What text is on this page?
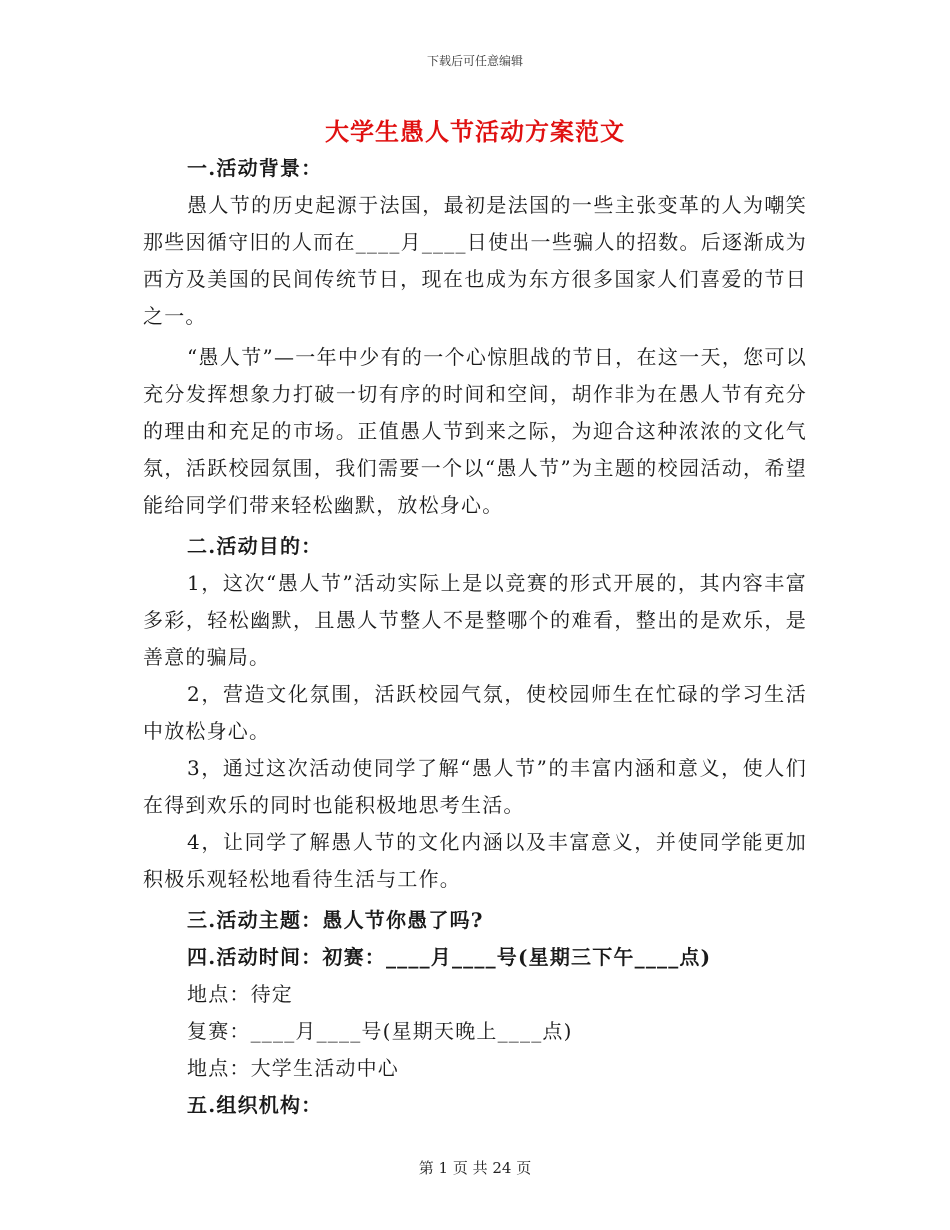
下载后可任意编辑
大学生愚人节活动方案范文

一.活动背景：

愚人节的历史起源于法国，最初是法国的一些主张变革的人为嘲笑那些因循守旧的人而在____月____日使出一些骗人的招数。后逐渐成为西方及美国的民间传统节日，现在也成为东方很多国家人们喜爱的节日之一。

“愚人节”—一年中少有的一个心惊胆战的节日，在这一天，您可以充分发挥想象力打破一切有序的时间和空间，胡作非为在愚人节有充分的理由和充足的市场。正值愚人节到来之际，为迎合这种浓浓的文化气氛，活跃校园氛围，我们需要一个以“愚人节”为主题的校园活动，希望能给同学们带来轻松幽默，放松身心。

二.活动目的：

1，这次“愚人节”活动实际上是以竞赛的形式开展的，其内容丰富多彩，轻松幽默，且愚人节整人不是整哪个的难看，整出的是欢乐，是善意的骗局。

2，营造文化氛围，活跃校园气氛，使校园师生在忙碌的学习生活中放松身心。

3，通过这次活动使同学了解“愚人节”的丰富内涵和意义，使人们在得到欢乐的同时也能积极地思考生活。

4，让同学了解愚人节的文化内涵以及丰富意义，并使同学能更加积极乐观轻松地看待生活与工作。

三.活动主题：愚人节你愚了吗?

四.活动时间：初赛：____月____号(星期三下午____点)

地点：待定

复赛：____月____号(星期天晚上____点)

地点：大学生活动中心

五.组织机构：

第 1 页 共 24 页
